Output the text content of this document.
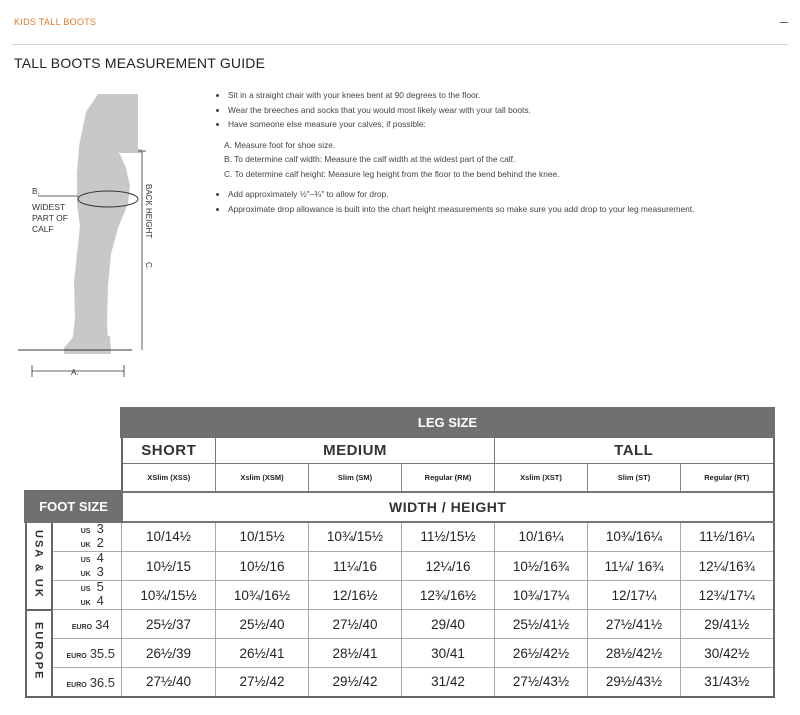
KIDS TALL BOOTS	–
TALL BOOTS MEASUREMENT GUIDE
B.
WIDEST
PART OF
CALF	BACK HEIGHT
C.
A.
• Sit in a straight chair with your knees bent at 90 degrees to the floor.
• Wear the breeches and socks that you would most likely wear with your tall boots.
• Have someone else measure your calves, if possible:
A. Measure foot for shoe size.
B. To determine calf width: Measure the calf width at the widest part of the calf.
C. To determine calf height: Measure leg height from the floor to the bend behind the knee.
• Add approximately ½"–¾" to allow for drop.
• Approximate drop allowance is built into the chart height measurements so make sure you add drop to your leg measurement.
		LEG SIZE						
		SHORT	MEDIUM			TALL		
		XSlim (XSS)	Xslim (XSM)	Slim (SM)	Regular (RM)	Xslim (XST)	Slim (ST)	Regular (RT)
FOOT SIZE		WIDTH / HEIGHT						
USA & UK	US 3
UK 2	10/14½	10/15½	10¾/15½	11½/15½	10/16¼	10¾/16¼	11½/16¼

	US 4
UK 3	10½/15	10½/16	11¼/16	12¼/16	10½/16¾	11¼/ 16¾	12¼/16¾

	US 5
UK 4	10¾/15½	10¾/16½	12/16½	12¾/16½	10¾/17¼	12/17¼	12¾/17¼
EUROPE	EURO 34	25½/37	25½/40	27½/40	29/40	25½/41½	27½/41½	29/41½
	EURO 35.5	26½/39	26½/41	28½/41	30/41	26½/42½	28½/42½	30/42½
	EURO 36.5	27½/40	27½/42	29½/42	31/42	27½/43½	29½/43½	31/43½
